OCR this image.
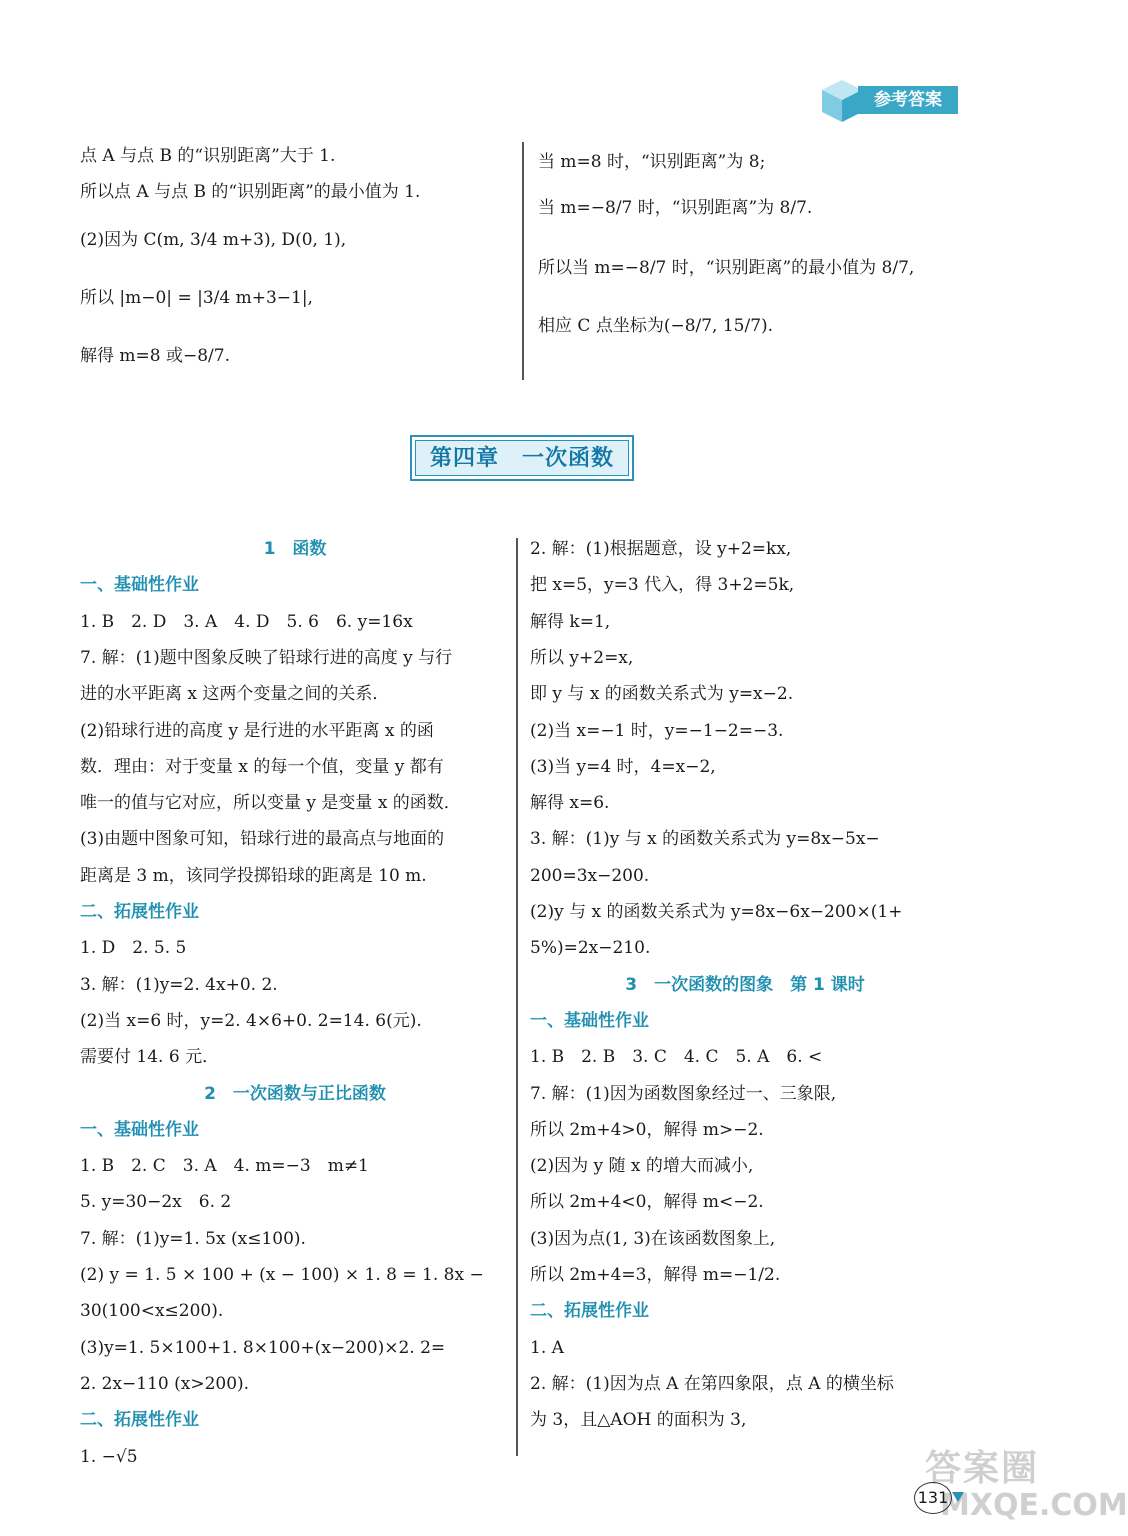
参考答案
点 A 与点 B 的“识别距离”大于 1.
所以点 A 与点 B 的“识别距离”的最小值为 1.
(2)因为 C(m, 3/4 m+3), D(0, 1),
所以 |m−0| = |3/4 m+3−1|,
解得 m=8 或−8/7.
当 m=8 时，“识别距离”为 8;
当 m=−8/7 时，“识别距离”为 8/7.
所以当 m=−8/7 时，“识别距离”的最小值为 8/7,
相应 C 点坐标为(−8/7, 15/7).
第四章　一次函数
1　函数
一、基础性作业
1. B　2. D　3. A　4. D　5. 6　6. y=16x
7. 解：(1)题中图象反映了铅球行进的高度 y 与行
进的水平距离 x 这两个变量之间的关系．
(2)铅球行进的高度 y 是行进的水平距离 x 的函
数．理由：对于变量 x 的每一个值，变量 y 都有
唯一的值与它对应，所以变量 y 是变量 x 的函数．
(3)由题中图象可知，铅球行进的最高点与地面的
距离是 3 m，该同学投掷铅球的距离是 10 m.
二、拓展性作业
1. D　2. 5. 5
3. 解：(1)y=2. 4x+0. 2.
(2)当 x=6 时，y=2. 4×6+0. 2=14. 6(元).
需要付 14. 6 元．
2　一次函数与正比函数
一、基础性作业
1. B　2. C　3. A　4. m=−3　m≠1
5. y=30−2x　6. 2
7. 解：(1)y=1. 5x (x≤100).
(2) y = 1. 5 × 100 + (x − 100) × 1. 8 = 1. 8x −
30(100<x≤200).
(3)y=1. 5×100+1. 8×100+(x−200)×2. 2=
2. 2x−110 (x>200).
二、拓展性作业
1. −√5
2. 解：(1)根据题意，设 y+2=kx,
把 x=5，y=3 代入，得 3+2=5k,
解得 k=1,
所以 y+2=x,
即 y 与 x 的函数关系式为 y=x−2.
(2)当 x=−1 时，y=−1−2=−3.
(3)当 y=4 时，4=x−2,
解得 x=6.
3. 解：(1)y 与 x 的函数关系式为 y=8x−5x−
200=3x−200.
(2)y 与 x 的函数关系式为 y=8x−6x−200×(1+
5%)=2x−210.
3　一次函数的图象　第 1 课时
一、基础性作业
1. B　2. B　3. C　4. C　5. A　6. <
7. 解：(1)因为函数图象经过一、三象限,
所以 2m+4>0，解得 m>−2.
(2)因为 y 随 x 的增大而减小,
所以 2m+4<0，解得 m<−2.
(3)因为点(1, 3)在该函数图象上,
所以 2m+4=3，解得 m=−1/2.
二、拓展性作业
1. A
2. 解：(1)因为点 A 在第四象限，点 A 的横坐标
为 3，且△AOH 的面积为 3,
答案圈
MXQE.COM
131
